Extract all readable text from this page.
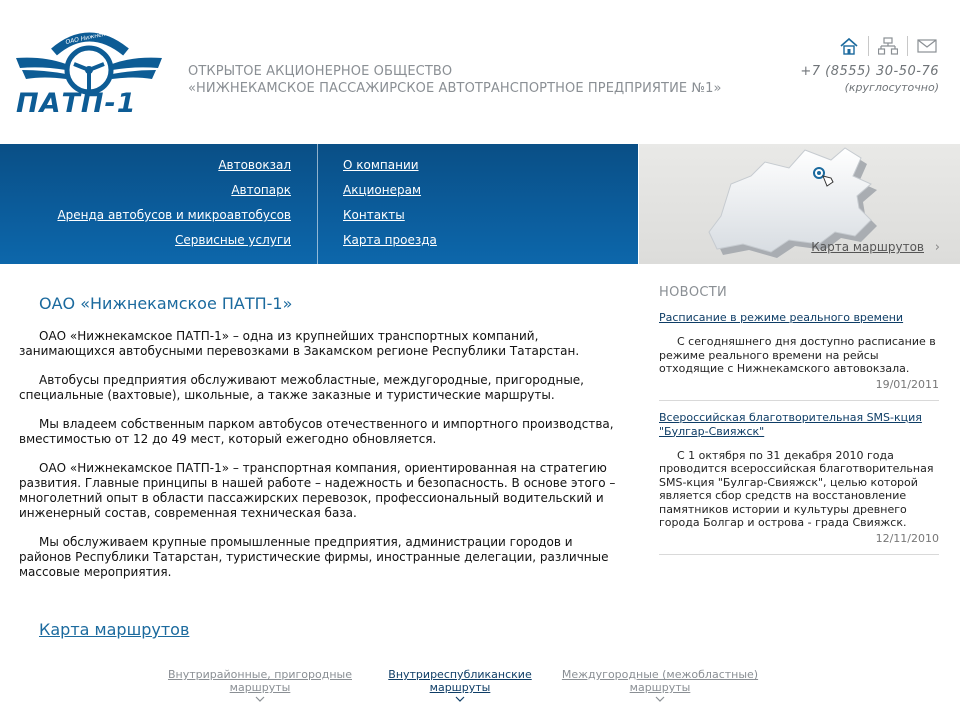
ОАО Нижнекамское
ПАТП-1
ОТКРЫТОЕ АКЦИОНЕРНОЕ ОБЩЕСТВО
«НИЖНЕКАМСКОЕ ПАССАЖИРСКОЕ АВТОТРАНСПОРТНОЕ ПРЕДПРИЯТИЕ №1»
+7 (8555) 30-50-76
(круглосуточно)
Автовокзал
Автопарк
Аренда автобусов и микроавтобусов
Сервисные услуги
О компании
Акционерам
Контакты
Карта проезда	Карта маршрутов ›
ОАО «Нижнекамское ПАТП-1»

ОАО «Нижнекамское ПАТП-1» – одна из крупнейших транспортных компаний, занимающихся автобусными перевозками в Закамском регионе Республики Татарстан.

Автобусы предприятия обслуживают межобластные, междугородные, пригородные, специальные (вахтовые), школьные, а также заказные и туристические маршруты.

Мы владеем собственным парком автобусов отечественного и импортного производства, вместимостью от 12 до 49 мест, который ежегодно обновляется.

ОАО «Нижнекамское ПАТП-1» – транспортная компания, ориентированная на стратегию развития. Главные принципы в нашей работе – надежность и безопасность. В основе этого – многолетний опыт в области пассажирских перевозок, профессиональный водительский и инженерный состав, современная техническая база.

Мы обслуживаем крупные промышленные предприятия, администрации городов и районов Республики Татарстан, туристические фирмы, иностранные делегации, различные массовые мероприятия.

НОВОСТИ
Расписание в режиме реального времени
С сегодняшнего дня доступно расписание в режиме реального времени на рейсы отходящие с Нижнекамского автовокзала.
19/01/2011
Всероссийская благотворительная SMS-кция "Булгар-Свияжск"
С 1 октября по 31 декабря 2010 года проводится всероссийская благотворительная SMS-кция "Булгар-Свияжск", целью которой является сбор средств на восстановление памятников истории и культуры древнего города Болгар и острова - града Свияжск.
12/11/2010
Карта маршрутов
Внутрирайонные, пригородные
маршруты
Внутриреспубликанские
маршруты
Междугородные (межобластные)
маршруты
